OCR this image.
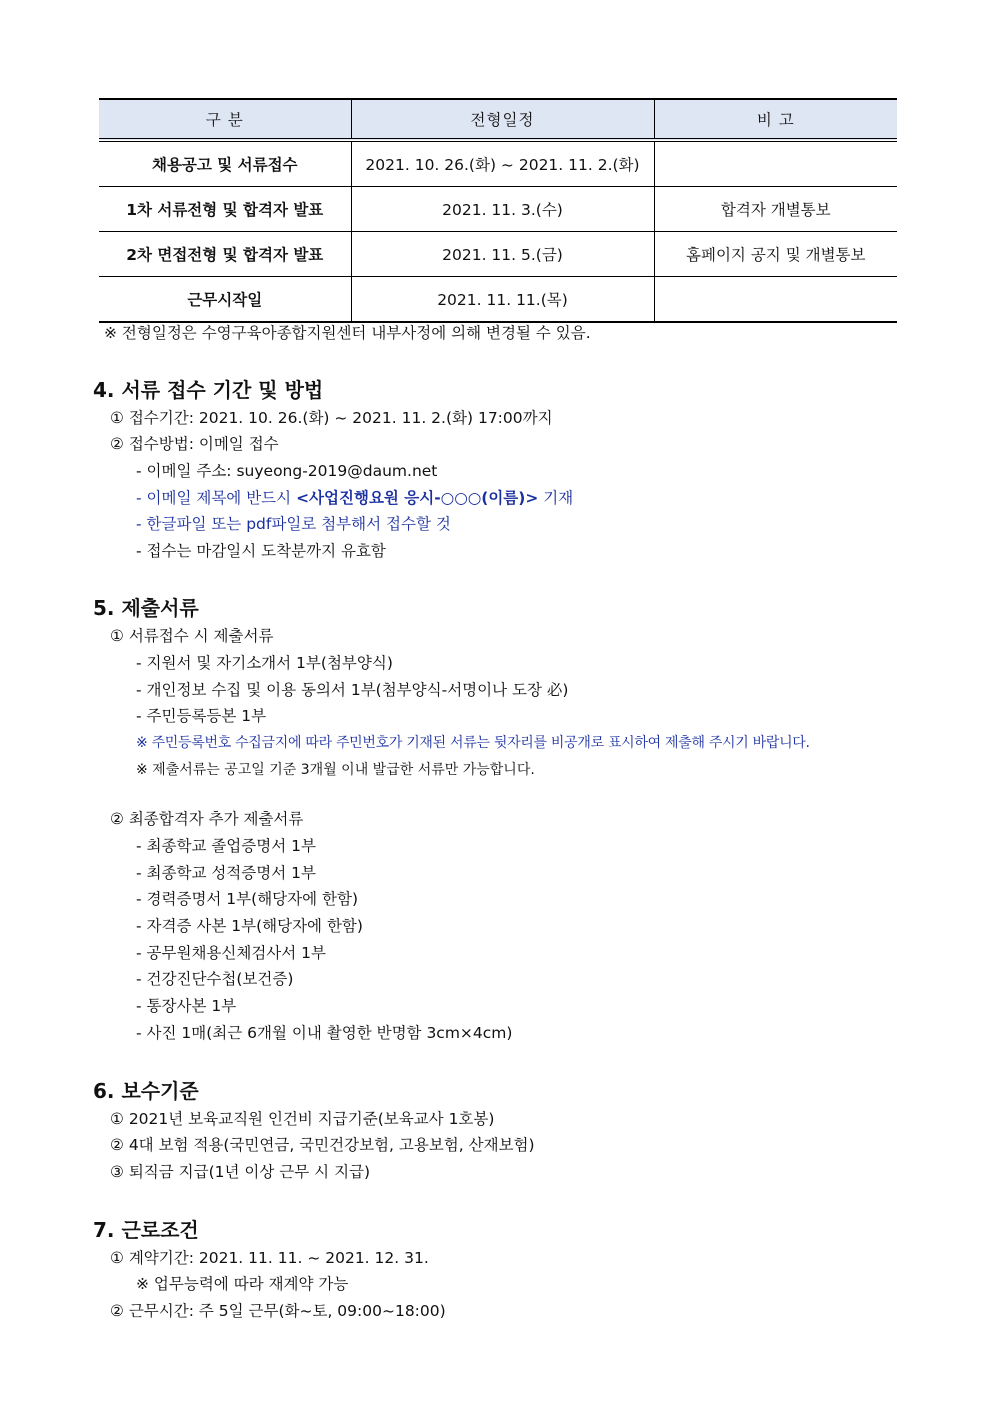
구 분	전형일정	비 고
채용공고 및 서류접수	2021. 10. 26.(화) ~ 2021. 11. 2.(화)	
1차 서류전형 및 합격자 발표	2021. 11. 3.(수)	합격자 개별통보
2차 면접전형 및 합격자 발표	2021. 11. 5.(금)	홈페이지 공지 및 개별통보
근무시작일	2021. 11. 11.(목)	
※ 전형일정은 수영구육아종합지원센터 내부사정에 의해 변경될 수 있음.
4. 서류 접수 기간 및 방법
① 접수기간: 2021. 10. 26.(화) ~ 2021. 11. 2.(화) 17:00까지
② 접수방법: 이메일 접수
- 이메일 주소: suyeong-2019@daum.net
- 이메일 제목에 반드시 <사업진행요원 응시-○○○(이름)> 기재
- 한글파일 또는 pdf파일로 첨부해서 접수할 것
- 접수는 마감일시 도착분까지 유효함
5. 제출서류
① 서류접수 시 제출서류
- 지원서 및 자기소개서 1부(첨부양식)
- 개인정보 수집 및 이용 동의서 1부(첨부양식-서명이나 도장 必)
- 주민등록등본 1부
※ 주민등록번호 수집금지에 따라 주민번호가 기재된 서류는 뒷자리를 비공개로 표시하여 제출해 주시기 바랍니다.
※ 제출서류는 공고일 기준 3개월 이내 발급한 서류만 가능합니다.
② 최종합격자 추가 제출서류
- 최종학교 졸업증명서 1부
- 최종학교 성적증명서 1부
- 경력증명서 1부(해당자에 한함)
- 자격증 사본 1부(해당자에 한함)
- 공무원채용신체검사서 1부
- 건강진단수첩(보건증)
- 통장사본 1부
- 사진 1매(최근 6개월 이내 촬영한 반명함 3cm×4cm)
6. 보수기준
① 2021년 보육교직원 인건비 지급기준(보육교사 1호봉)
② 4대 보험 적용(국민연금, 국민건강보험, 고용보험, 산재보험)
③ 퇴직금 지급(1년 이상 근무 시 지급)
7. 근로조건
① 계약기간: 2021. 11. 11. ~ 2021. 12. 31.
※ 업무능력에 따라 재계약 가능
② 근무시간: 주 5일 근무(화~토, 09:00~18:00)
